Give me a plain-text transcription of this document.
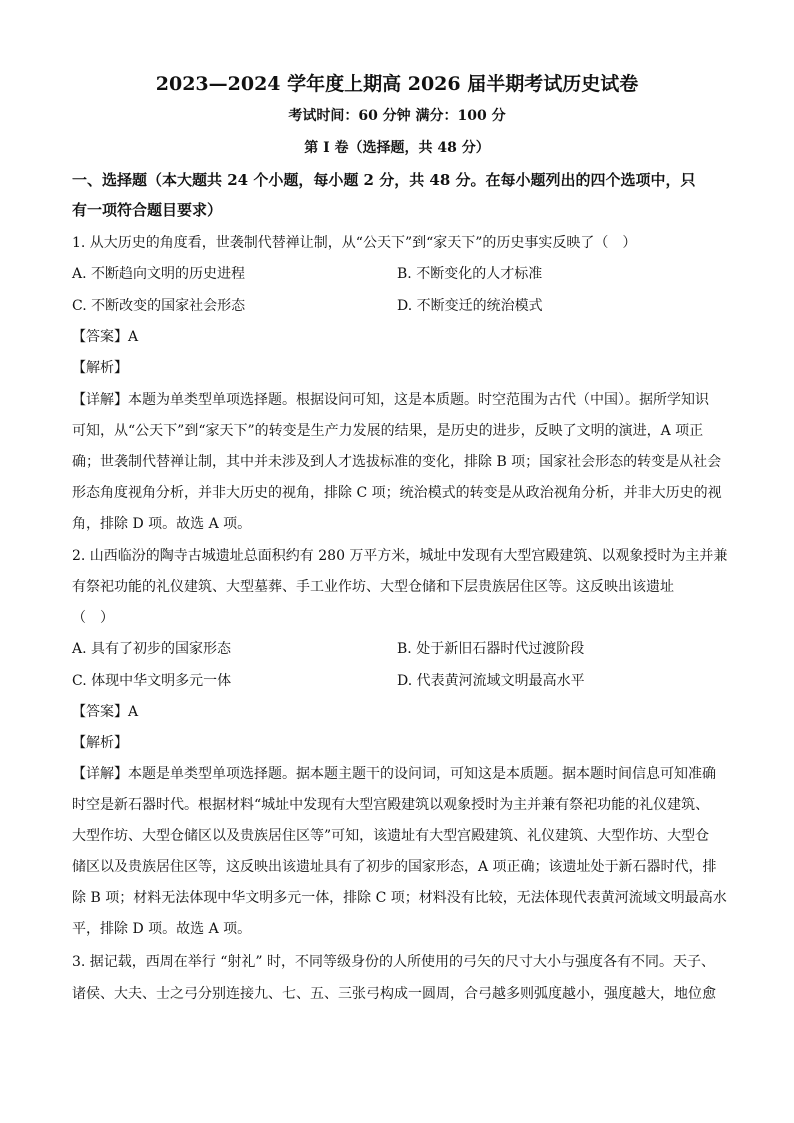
2023—2024 学年度上期高 2026 届半期考试历史试卷
考试时间：60 分钟 满分：100 分
第 I 卷（选择题，共 48 分）
一、选择题（本大题共 24 个小题，每小题 2 分，共 48 分。在每小题列出的四个选项中，只
有一项符合题目要求）
1. 从大历史的角度看，世袭制代替禅让制，从“公天下”到“家天下”的历史事实反映了（　）
A. 不断趋向文明的历史进程	B. 不断变化的人才标准
C. 不断改变的国家社会形态	D. 不断变迁的统治模式
【答案】A
【解析】
【详解】本题为单类型单项选择题。根据设问可知，这是本质题。时空范围为古代（中国）。据所学知识
可知，从“公天下”到“家天下”的转变是生产力发展的结果，是历史的进步，反映了文明的演进，A 项正
确；世袭制代替禅让制，其中并未涉及到人才选拔标准的变化，排除 B 项；国家社会形态的转变是从社会
形态角度视角分析，并非大历史的视角，排除 C 项；统治模式的转变是从政治视角分析，并非大历史的视
角，排除 D 项。故选 A 项。
2. 山西临汾的陶寺古城遗址总面积约有 280 万平方米，城址中发现有大型宫殿建筑、以观象授时为主并兼
有祭祀功能的礼仪建筑、大型墓葬、手工业作坊、大型仓储和下层贵族居住区等。这反映出该遗址
（　）
A. 具有了初步的国家形态	B. 处于新旧石器时代过渡阶段
C. 体现中华文明多元一体	D. 代表黄河流域文明最高水平
【答案】A
【解析】
【详解】本题是单类型单项选择题。据本题主题干的设问词，可知这是本质题。据本题时间信息可知准确
时空是新石器时代。根据材料“城址中发现有大型宫殿建筑以观象授时为主并兼有祭祀功能的礼仪建筑、
大型作坊、大型仓储区以及贵族居住区等”可知，该遗址有大型宫殿建筑、礼仪建筑、大型作坊、大型仓
储区以及贵族居住区等，这反映出该遗址具有了初步的国家形态，A 项正确；该遗址处于新石器时代，排
除 B 项；材料无法体现中华文明多元一体，排除 C 项；材料没有比较，无法体现代表黄河流域文明最高水
平，排除 D 项。故选 A 项。
3. 据记载，西周在举行 “射礼” 时，不同等级身份的人所使用的弓矢的尺寸大小与强度各有不同。天子、
诸侯、大夫、士之弓分别连接九、七、五、三张弓构成一圆周，合弓越多则弧度越小，强度越大，地位愈
